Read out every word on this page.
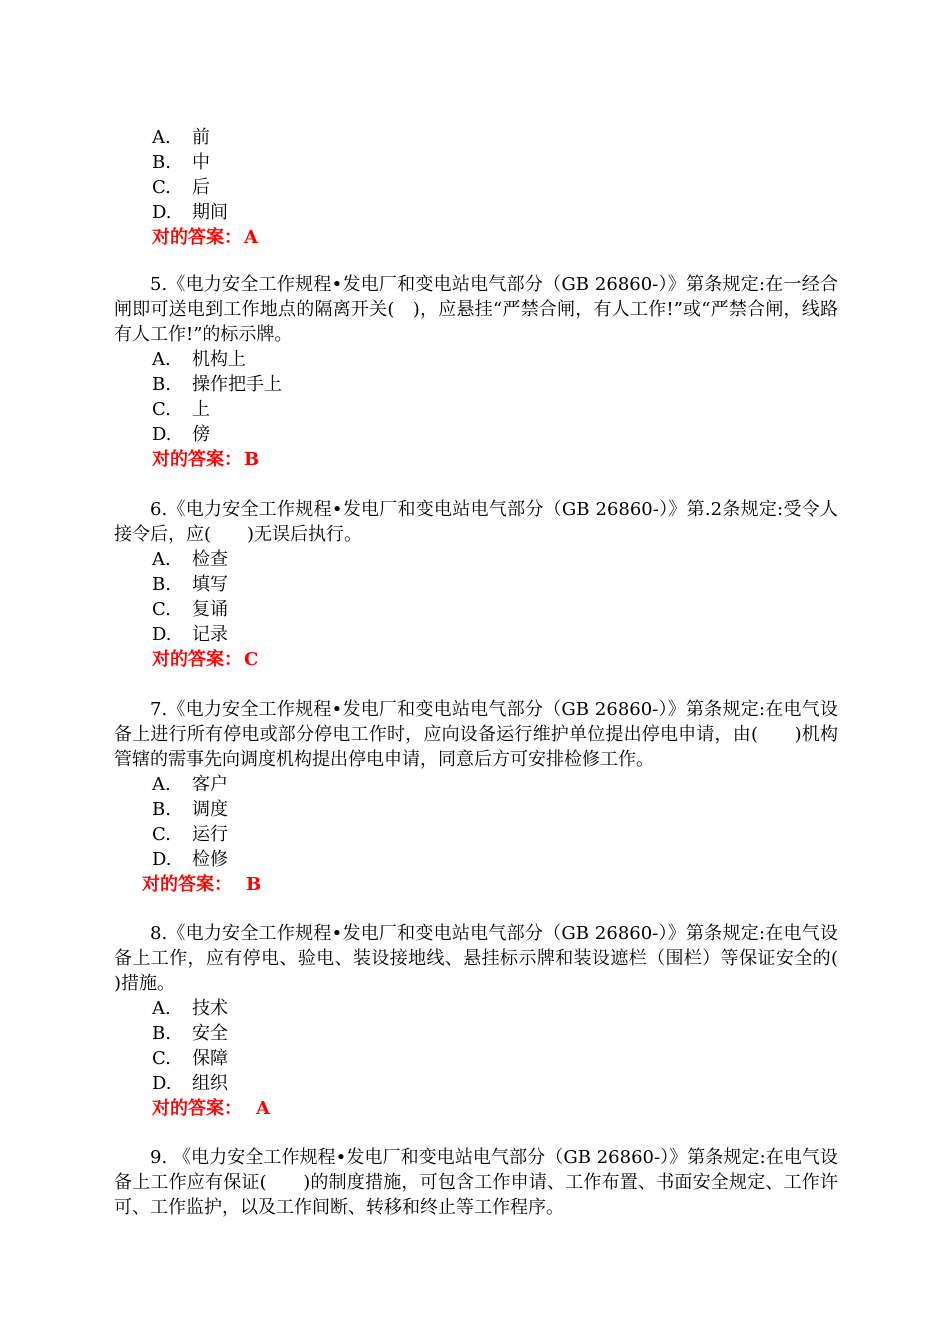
A. 前
B. 中
C. 后
D. 期间
对的答案： A
5.《电力安全工作规程•发电厂和变电站电气部分（GB 26860-）》第条规定:在一经合闸即可送电到工作地点的隔离开关(　)，应悬挂“严禁合闸，有人工作!”或“严禁合闸，线路有人工作!”的标示牌。
A. 机构上
B. 操作把手上
C. 上
D. 傍
对的答案： B
6.《电力安全工作规程•发电厂和变电站电气部分（GB 26860-）》第.2条规定:受令人接令后，应(　　)无误后执行。
A. 检查
B. 填写
C. 复诵
D. 记录
对的答案： C
7.《电力安全工作规程•发电厂和变电站电气部分（GB 26860-）》第条规定:在电气设备上进行所有停电或部分停电工作时，应向设备运行维护单位提出停电申请，由(　　)机构管辖的需事先向调度机构提出停电申请，同意后方可安排检修工作。
A. 客户
B. 调度
C. 运行
D. 检修
对的答案： B
8.《电力安全工作规程•发电厂和变电站电气部分（GB 26860-）》第条规定:在电气设备上工作，应有停电、验电、装设接地线、悬挂标示牌和装设遮栏（围栏）等保证安全的(　　)措施。
A. 技术
B. 安全
C. 保障
D. 组织
对的答案： A
9. 《电力安全工作规程•发电厂和变电站电气部分（GB 26860-）》第条规定:在电气设备上工作应有保证(　　)的制度措施，可包含工作申请、工作布置、书面安全规定、工作许可、工作监护，以及工作间断、转移和终止等工作程序。
